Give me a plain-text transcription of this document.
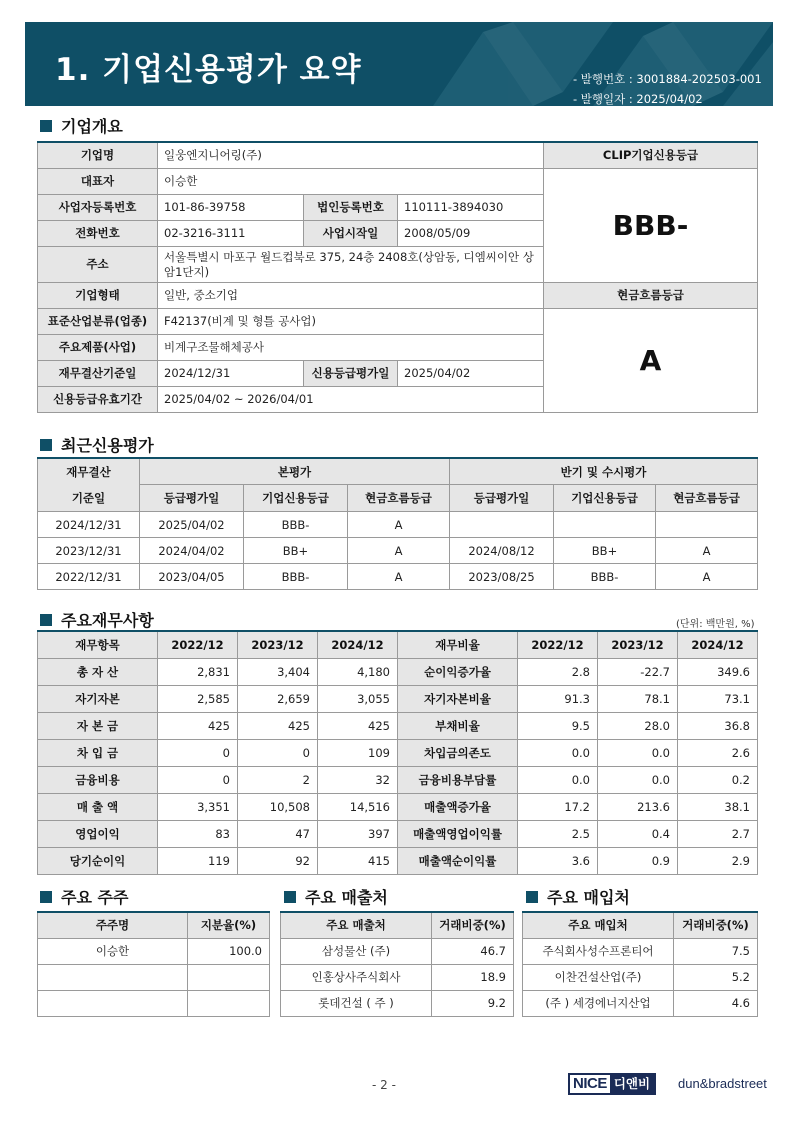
1. 기업신용평가 요약	- 발행번호 : 3001884-202503-001
- 발행일자 : 2025/04/02
기업개요
기업명	일웅엔지니어링(주)			CLIP기업신용등급
대표자	이승한			BBB-
사업자등록번호	101-86-39758	법인등록번호	110111-3894030	
전화번호	02-3216-3111	사업시작일	2008/05/09	
주소	서울특별시 마포구 월드컵북로 375, 24층 2408호(상암동, 디엠씨이안 상암1단지)			
기업형태	일반, 중소기업			현금흐름등급
표준산업분류(업종)	F42137(비계 및 형틀 공사업)			A
주요제품(사업)	비계구조물해체공사			
재무결산기준일	2024/12/31	신용등급평가일	2025/04/02	
신용등급유효기간	2025/04/02 ~ 2026/04/01			
최근신용평가
재무결산
기준일	본평가			반기 및 수시평가		
	등급평가일	기업신용등급	현금흐름등급	등급평가일	기업신용등급	현금흐름등급
2024/12/31	2025/04/02	BBB-	A			
2023/12/31	2024/04/02	BB+	A	2024/08/12	BB+	A
2022/12/31	2023/04/05	BBB-	A	2023/08/25	BBB-	A
주요재무사항	(단위: 백만원, %)
재무항목	2022/12	2023/12	2024/12	재무비율	2022/12	2023/12	2024/12
총 자 산	2,831	3,404	4,180	순이익증가율	2.8	-22.7	349.6
자기자본	2,585	2,659	3,055	자기자본비율	91.3	78.1	73.1
자 본 금	425	425	425	부채비율	9.5	28.0	36.8
차 입 금	0	0	109	차입금의존도	0.0	0.0	2.6
금융비용	0	2	32	금융비용부담률	0.0	0.0	0.2
매 출 액	3,351	10,508	14,516	매출액증가율	17.2	213.6	38.1
영업이익	83	47	397	매출액영업이익률	2.5	0.4	2.7
당기순이익	119	92	415	매출액순이익률	3.6	0.9	2.9
주요 주주	주요 매출처	주요 매입처
주주명	지분율(%)
이승한	100.0

주요 매출처	거래비중(%)
삼성물산 (주)	46.7
인홍상사주식회사	18.9
롯데건설 ( 주 )	9.2
주요 매입처	거래비중(%)
주식회사성수프론티어	7.5
이찬건설산업(주)	5.2
(주 ) 세경에너지산업	4.6
- 2 -	NICE 디앤비	dun&bradstreet
